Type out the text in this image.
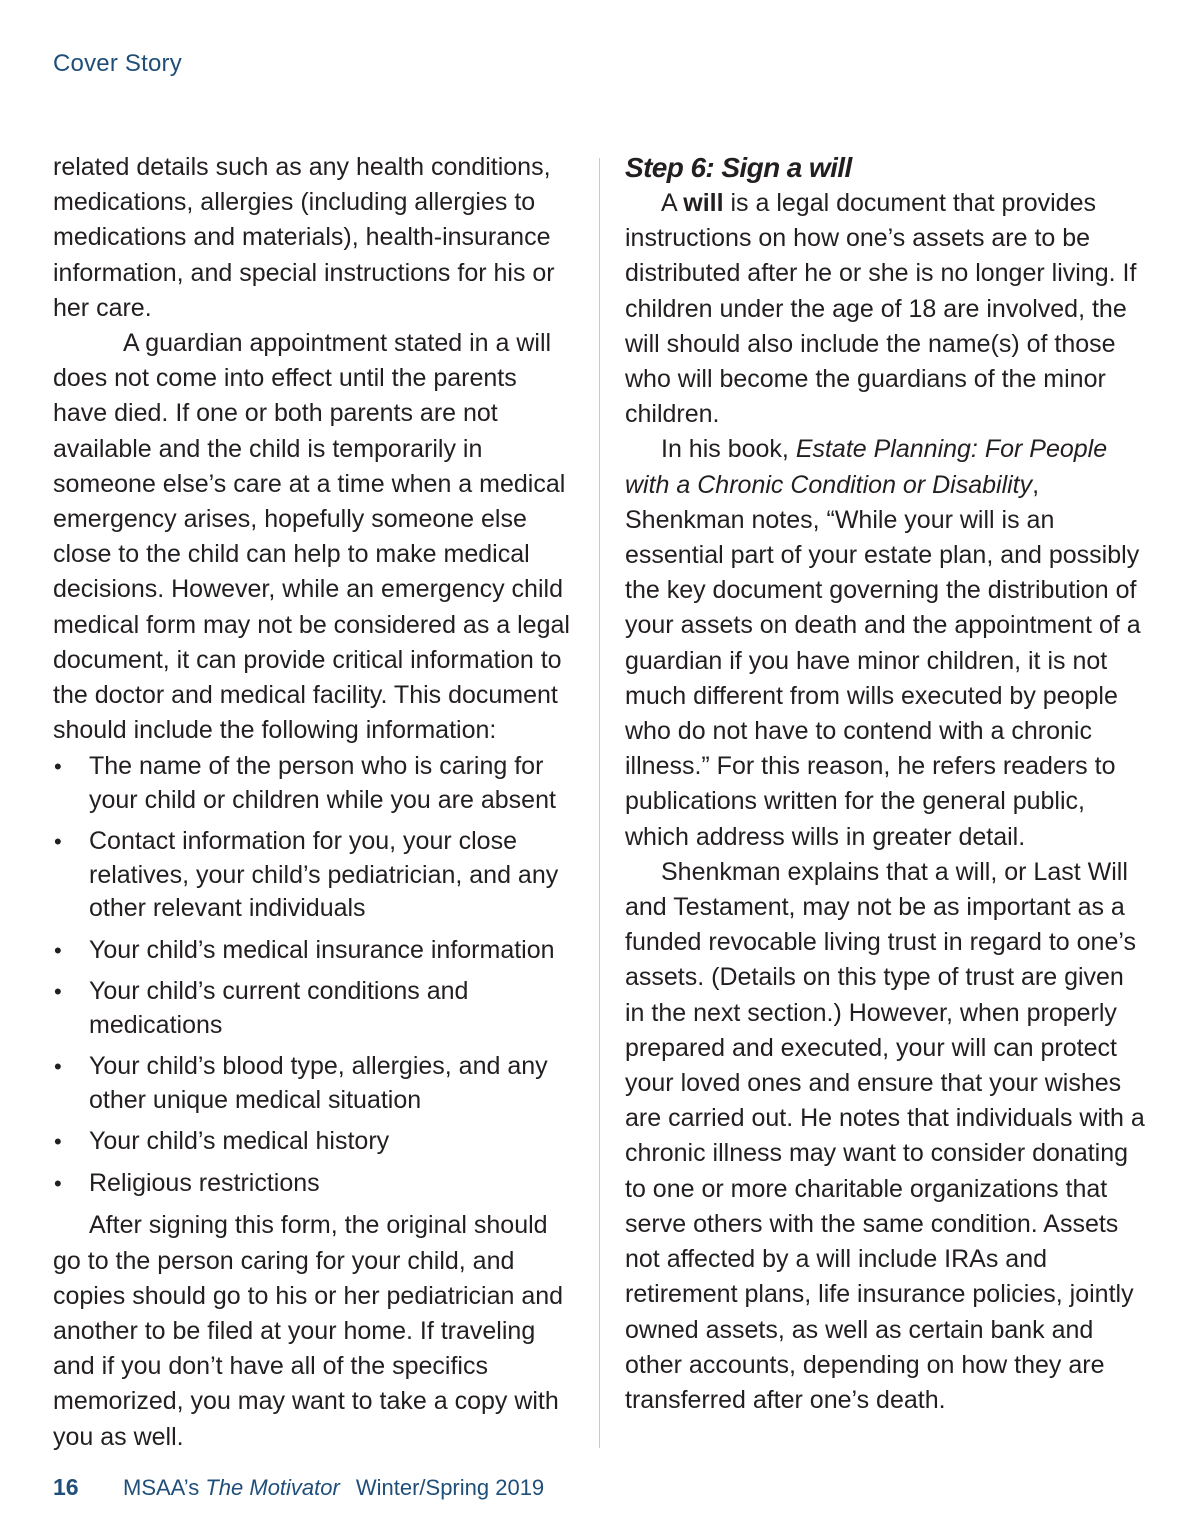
Cover Story

related details such as any health conditions, medications, allergies (including allergies to medications and materials), health-insurance information, and special instructions for his or her care.

A guardian appointment stated in a will does not come into effect until the parents have died. If one or both parents are not available and the child is temporarily in someone else’s care at a time when a medical emergency arises, hopefully someone else close to the child can help to make medical decisions. However, while an emergency child medical form may not be considered as a legal document, it can provide critical information to the doctor and medical facility. This document should include the following information:

• The name of the person who is caring for your child or children while you are absent
• Contact information for you, your close relatives, your child’s pediatrician, and any other relevant individuals
• Your child’s medical insurance information
• Your child’s current conditions and medications
• Your child’s blood type, allergies, and any other unique medical situation
• Your child’s medical history
• Religious restrictions

After signing this form, the original should go to the person caring for your child, and copies should go to his or her pediatrician and another to be filed at your home. If traveling and if you don’t have all of the specifics memorized, you may want to take a copy with you as well.

Step 6: Sign a will

A will is a legal document that provides instructions on how one’s assets are to be distributed after he or she is no longer living. If children under the age of 18 are involved, the will should also include the name(s) of those who will become the guardians of the minor children.

In his book, Estate Planning: For People with a Chronic Condition or Disability, Shenkman notes, “While your will is an essential part of your estate plan, and possibly the key document governing the distribution of your assets on death and the appointment of a guardian if you have minor children, it is not much different from wills executed by people who do not have to contend with a chronic illness.” For this reason, he refers readers to publications written for the general public, which address wills in greater detail.

Shenkman explains that a will, or Last Will and Testament, may not be as important as a funded revocable living trust in regard to one’s assets. (Details on this type of trust are given in the next section.) However, when properly prepared and executed, your will can protect your loved ones and ensure that your wishes are carried out. He notes that individuals with a chronic illness may want to consider donating to one or more charitable organizations that serve others with the same condition. Assets not affected by a will include IRAs and retirement plans, life insurance policies, jointly owned assets, as well as certain bank and other accounts, depending on how they are transferred after one’s death.

16	MSAA’s
The Motivator Winter/Spring 2019
